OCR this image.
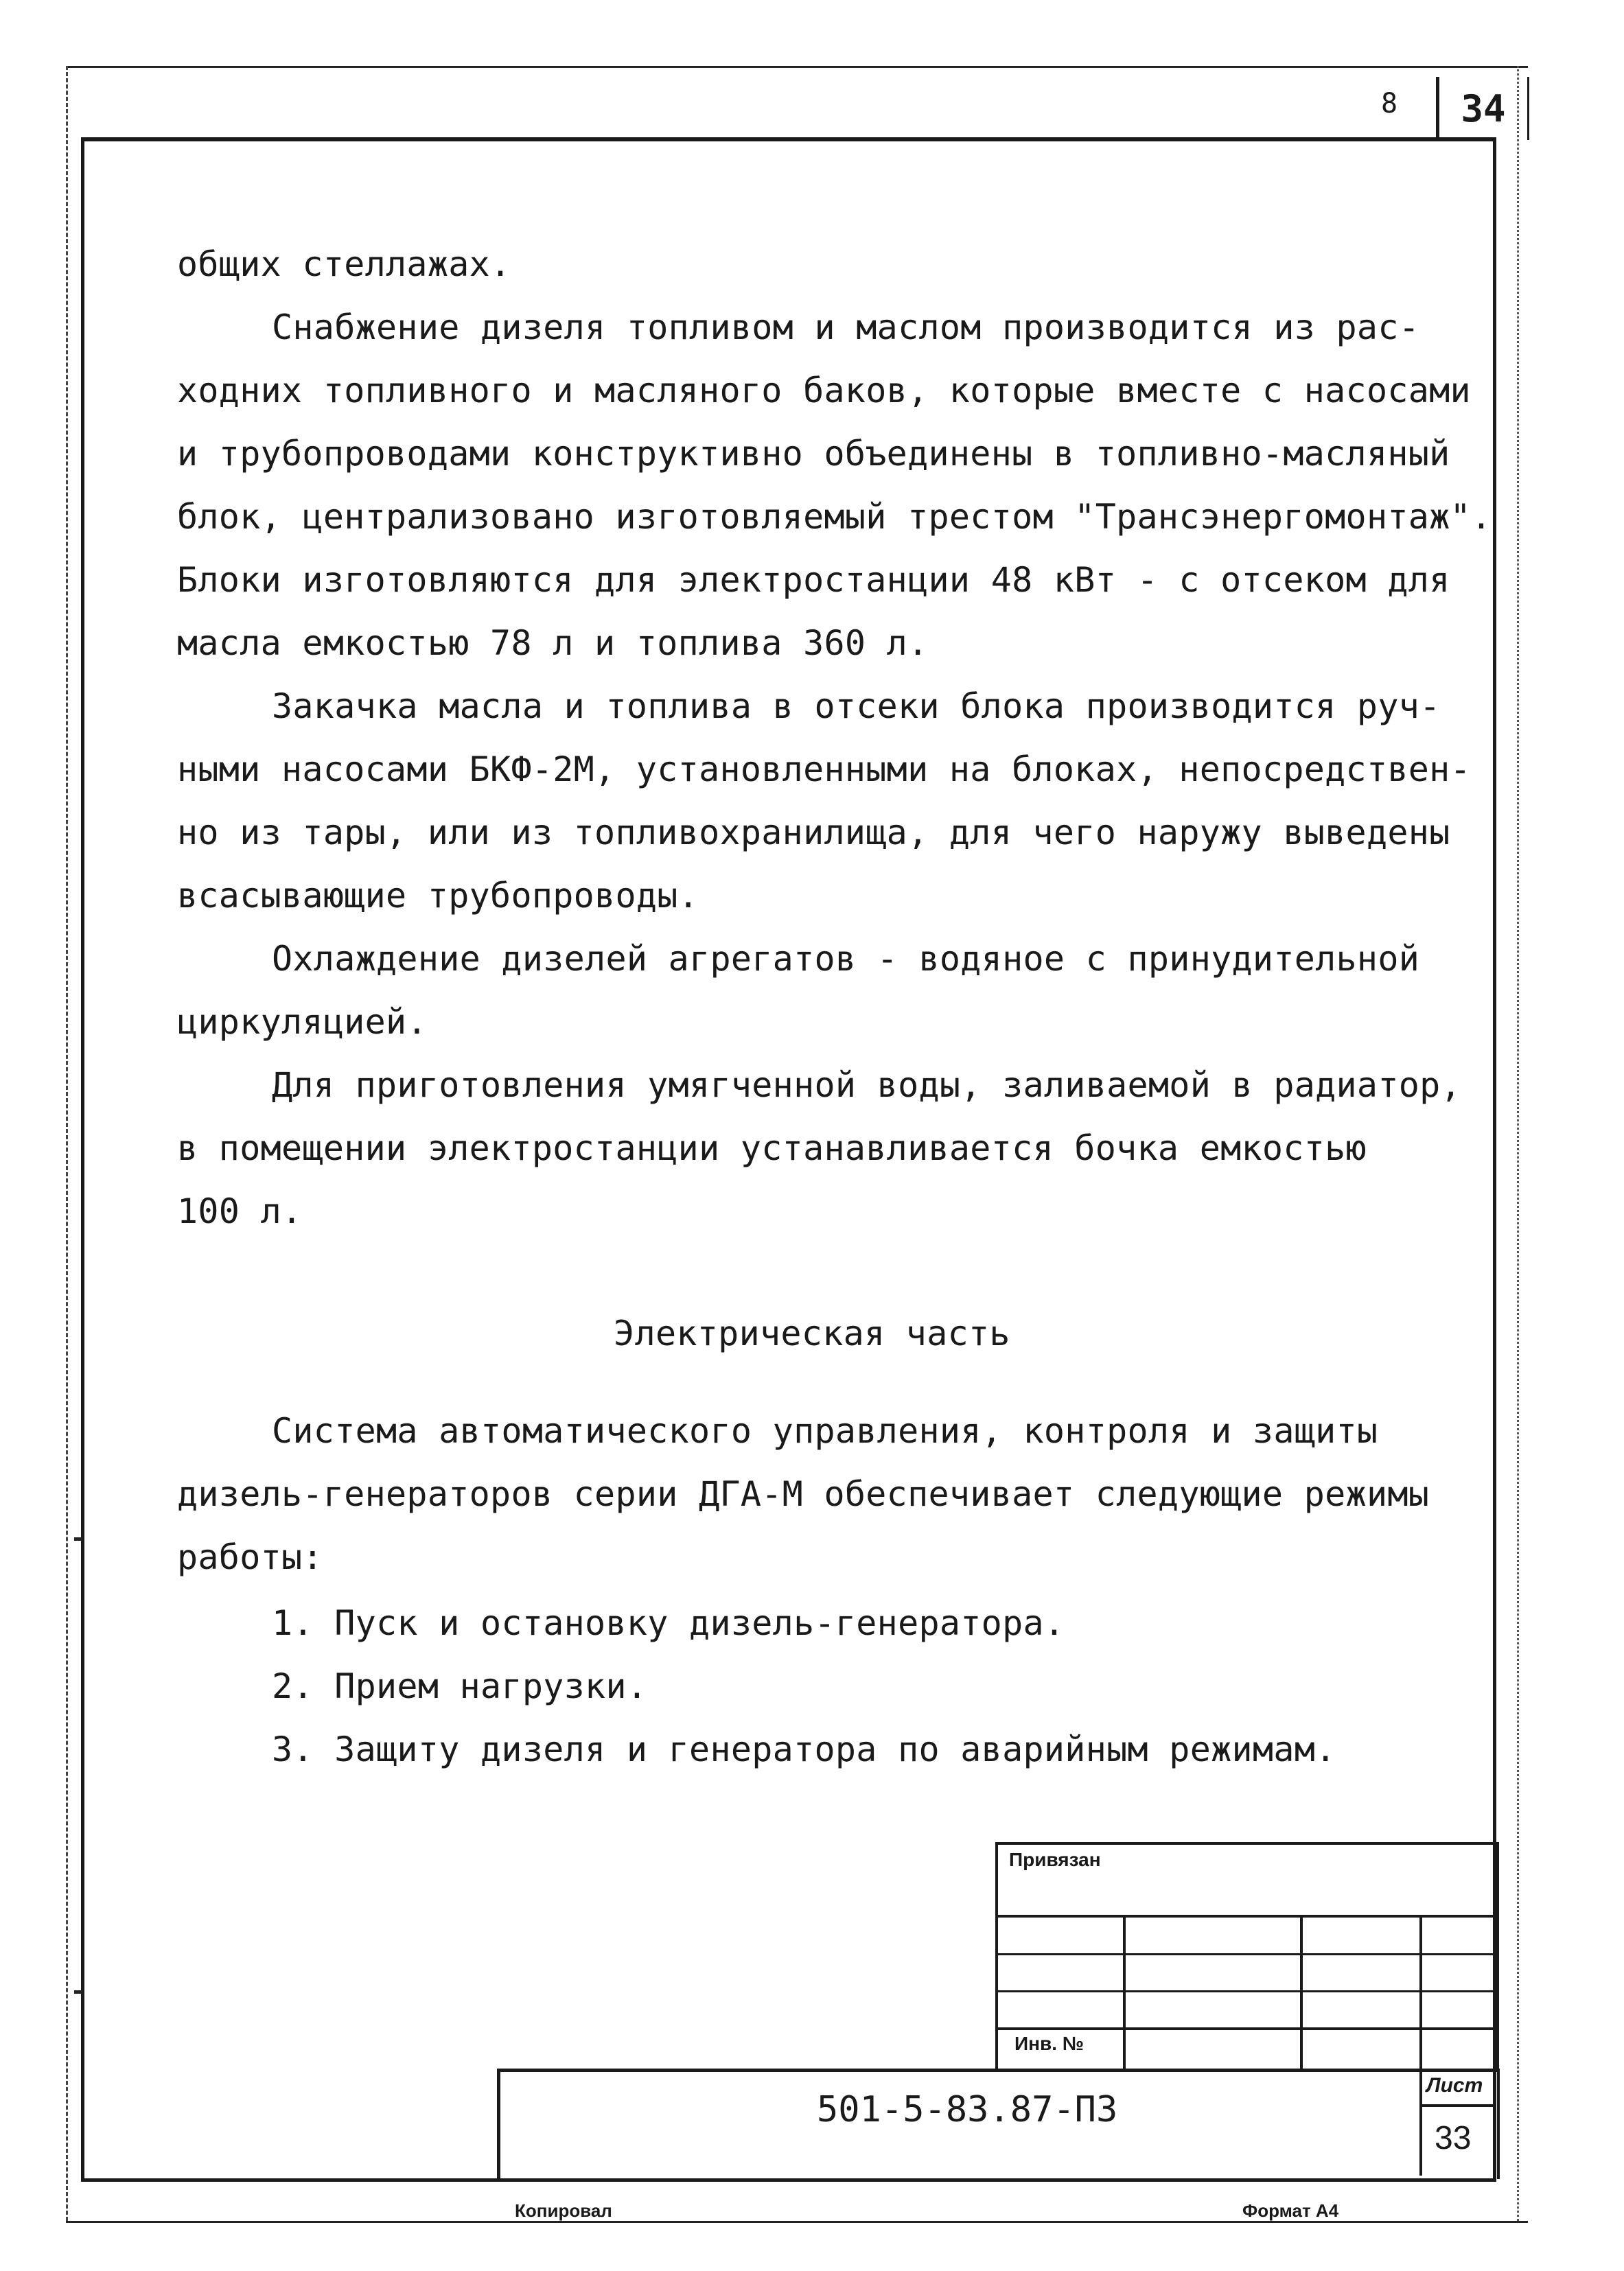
8	34
общих стеллажах.
Снабжение дизеля топливом и маслом производится из рас-
ходних топливного и масляного баков, которые вместе с насосами
и трубопроводами конструктивно объединены в топливно-масляный
блок, централизовано изготовляемый трестом "Трансэнергомонтаж".
Блоки изготовляются для электростанции 48 кВт - с отсеком для
масла емкостью 78 л и топлива 360 л.
Закачка масла и топлива в отсеки блока производится руч-
ными насосами БКФ-2М, установленными на блоках, непосредствен-
но из тары, или из топливохранилища, для чего наружу выведены
всасывающие трубопроводы.
Охлаждение дизелей агрегатов - водяное с принудительной
циркуляцией.
Для приготовления умягченной воды, заливаемой в радиатор,
в помещении электростанции устанавливается бочка емкостью
100 л.
Электрическая часть
Система автоматического управления, контроля и защиты
дизель-генераторов серии ДГА-М обеспечивает следующие режимы
работы:
1. Пуск и остановку дизель-генератора.
2. Прием нагрузки.
3. Защиту дизеля и генератора по аварийным режимам.
Привязан
Инв. №
501-5-83.87-ПЗ
Лист
33
Копировал	Формат А4
